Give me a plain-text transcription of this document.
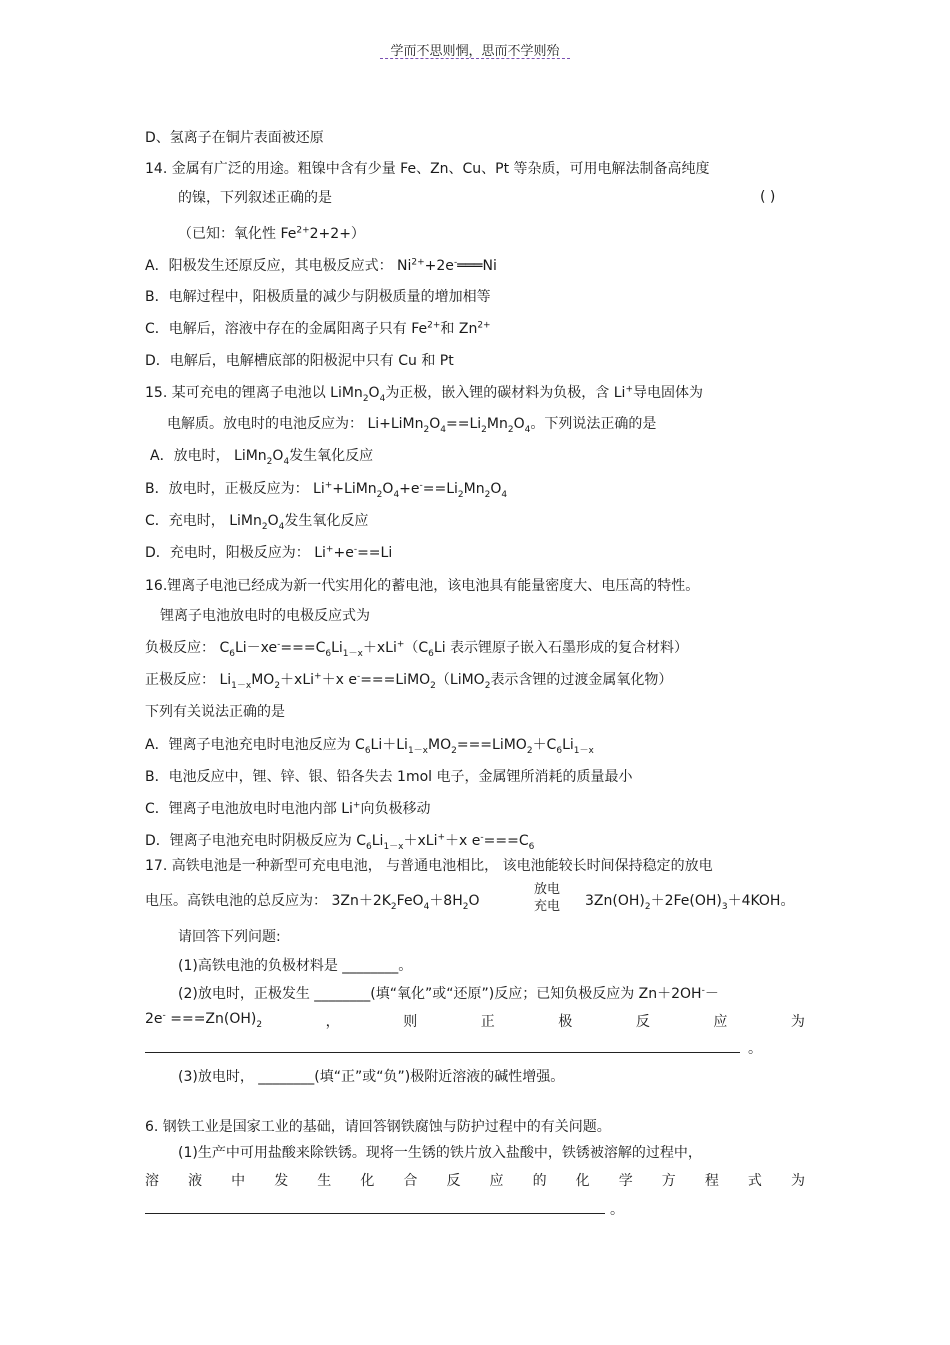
学而不思则惘，思而不学则殆
D、氢离子在铜片表面被还原
14. 金属有广泛的用途。粗镍中含有少量 Fe、Zn、Cu、Pt 等杂质，可用电解法制备高纯度
的镍，下列叙述正确的是	( )
（已知：氧化性 $Fe^{2+}2+2+$）
A．阳极发生还原反应，其电极反应式： $Ni^{2+}+2e^-═══Ni$
B．电解过程中，阳极质量的减少与阴极质量的增加相等
C．电解后，溶液中存在的金属阳离子只有 $Fe^{2+}$和 $Zn^{2+}$
D．电解后，电解槽底部的阳极泥中只有 Cu 和 Pt
15. 某可充电的锂离子电池以 $LiMn_2O_4$为正极，嵌入锂的碳材料为负极，含 Li+导电固体为
电解质。放电时的电池反应为： $Li+LiMn_2O_4==Li_2Mn_2O_4$。下列说法正确的是
A．放电时， $LiMn_2O_4$发生氧化反应
B．放电时，正极反应为： $Li^++LiMn_2O_4+e^-==Li_2Mn_2O_4$
C．充电时， $LiMn_2O_4$发生氧化反应
D．充电时，阳极反应为： Li++e-==Li
16.锂离子电池已经成为新一代实用化的蓄电池，该电池具有能量密度大、电压高的特性。
锂离子电池放电时的电极反应式为
负极反应： $C_6Li-xe^-===C_6Li_{1-x}+xLi^+(C_6Li$ 表示锂原子嵌入石墨形成的复合材料）
正极反应： $Li_{1-x}MO_2+xLi^++x$ e-===LiMO$_2$（LiMO$_2$表示含锂的过渡金属氧化物）
下列有关说法正确的是
A．锂离子电池充电时电池反应为 $C_6Li+Li_{1-x}MO_2===LiMO_2+C_6Li_{1-x}$
B．电池反应中，锂、锌、银、铅各失去 1mol 电子，金属锂所消耗的质量最小
C．锂离子电池放电时电池内部 Li+向负极移动
D．锂离子电池充电时阴极反应为 $C_6Li_{1-x}+xLi^++x$ $e^-===C_6$
17. 高铁电池是一种新型可充电电池， 与普通电池相比， 该电池能较长时间保持稳定的放电
电压。高铁电池的总反应为： $3Zn+2K_2FeO_4+8H_2O$
放电
充电 $3Zn(OH)_2+2Fe(OH)_3+4KOH$。
请回答下列问题:
(1)高铁电池的负极材料是 ________。
(2)放电时，正极发生 ________(填“氧化”或“还原”)反应；已知负极反应为 Zn＋2OH-－
$2e^- ===Zn(OH)_2$	，	则	正	极	反	应	为
。
(3)放电时， ________(填“正”或“负”)极附近溶液的碱性增强。
6. 钢铁工业是国家工业的基础，请回答钢铁腐蚀与防护过程中的有关问题。
(1)生产中可用盐酸来除铁锈。现将一生锈的铁片放入盐酸中，铁锈被溶解的过程中，
溶 液 中 发 生 化 合 反 应 的 化 学 方 程 式 为
。
